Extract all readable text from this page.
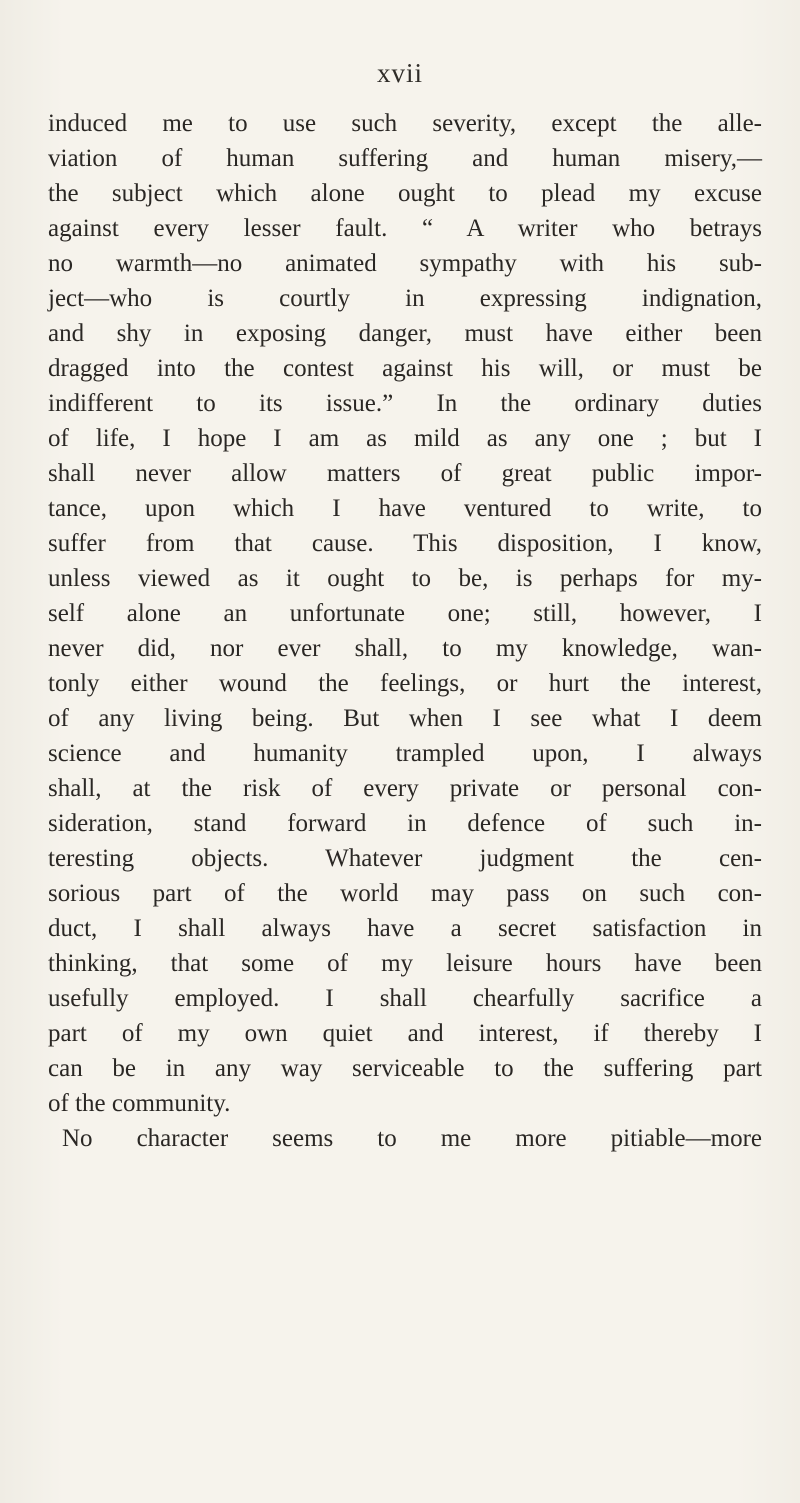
xvii
induced me to use such severity, except the alle-
viation of human suffering and human misery,—
the subject which alone ought to plead my excuse
against every lesser fault. “ A writer who betrays
no warmth—no animated sympathy with his sub-
ject—who is courtly in expressing indignation,
and shy in exposing danger, must have either been
dragged into the contest against his will, or must be
indifferent to its issue.” In the ordinary duties
of life, I hope I am as mild as any one ; but I
shall never allow matters of great public impor-
tance, upon which I have ventured to write, to
suffer from that cause. This disposition, I know,
unless viewed as it ought to be, is perhaps for my-
self alone an unfortunate one; still, however, I
never did, nor ever shall, to my knowledge, wan-
tonly either wound the feelings, or hurt the interest,
of any living being. But when I see what I deem
science and humanity trampled upon, I always
shall, at the risk of every private or personal con-
sideration, stand forward in defence of such in-
teresting objects. Whatever judgment the cen-
sorious part of the world may pass on such con-
duct, I shall always have a secret satisfaction in
thinking, that some of my leisure hours have been
usefully employed. I shall chearfully sacrifice a
part of my own quiet and interest, if thereby I
can be in any way serviceable to the suffering part
of the community.
No character seems to me more pitiable—more
